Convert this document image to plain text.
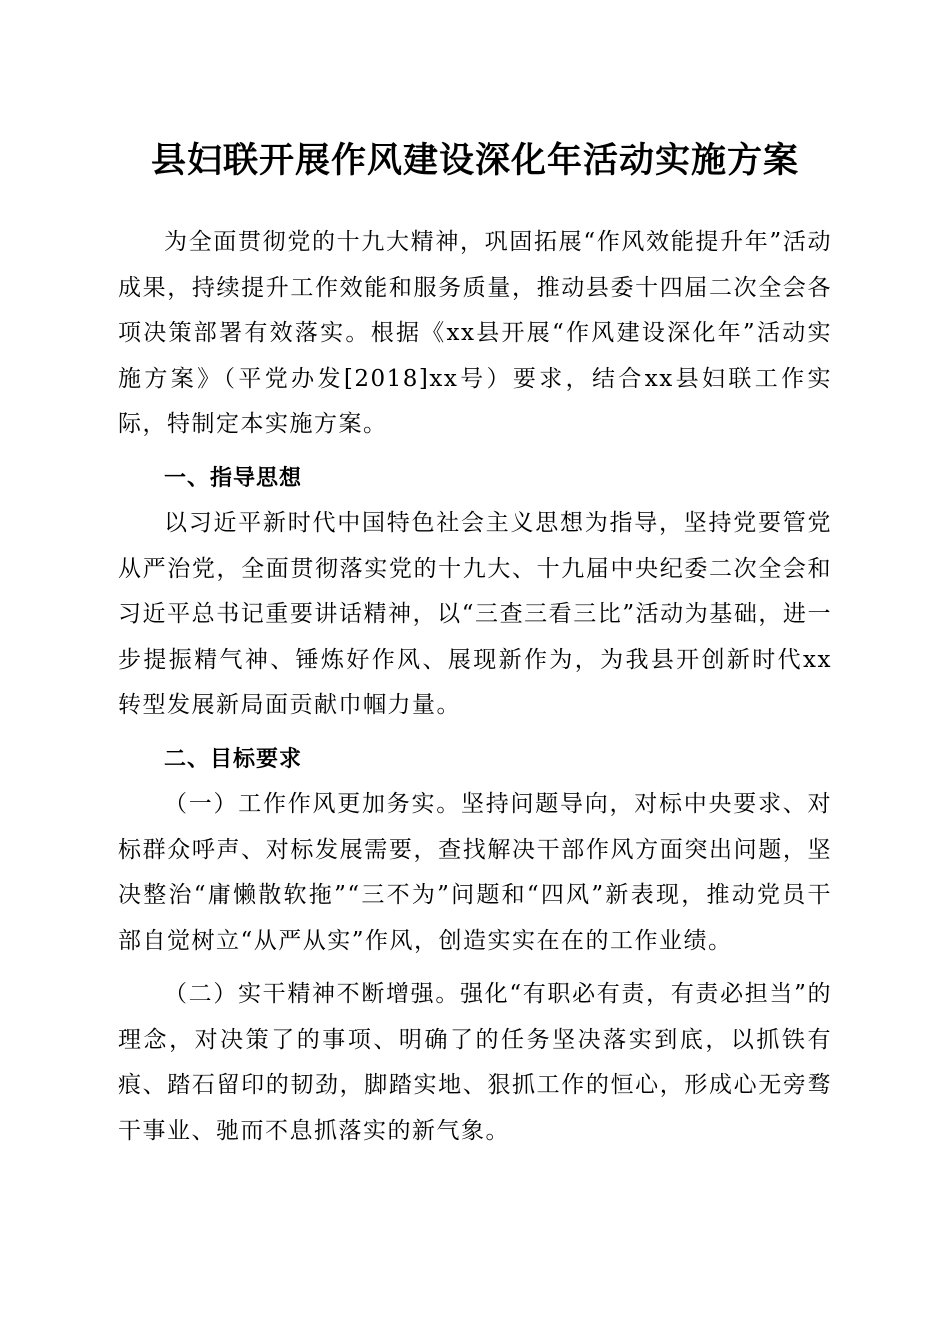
县妇联开展作风建设深化年活动实施方案

为全面贯彻党的十九大精神，巩固拓展“作风效能提升年”活动成果，持续提升工作效能和服务质量，推动县委十四届二次全会各项决策部署有效落实。根据《xx县开展“作风建设深化年”活动实施方案》（平党办发[2018]xx号）要求，结合xx县妇联工作实际，特制定本实施方案。

一、指导思想

以习近平新时代中国特色社会主义思想为指导，坚持党要管党从严治党，全面贯彻落实党的十九大、十九届中央纪委二次全会和习近平总书记重要讲话精神，以“三查三看三比”活动为基础，进一步提振精气神、锤炼好作风、展现新作为，为我县开创新时代xx转型发展新局面贡献巾帼力量。

二、目标要求

（一）工作作风更加务实。坚持问题导向，对标中央要求、对标群众呼声、对标发展需要，查找解决干部作风方面突出问题，坚决整治“庸懒散软拖”“三不为”问题和“四风”新表现，推动党员干部自觉树立“从严从实”作风，创造实实在在的工作业绩。

（二）实干精神不断增强。强化“有职必有责，有责必担当”的理念，对决策了的事项、明确了的任务坚决落实到底，以抓铁有痕、踏石留印的韧劲，脚踏实地、狠抓工作的恒心，形成心无旁骛干事业、驰而不息抓落实的新气象。
